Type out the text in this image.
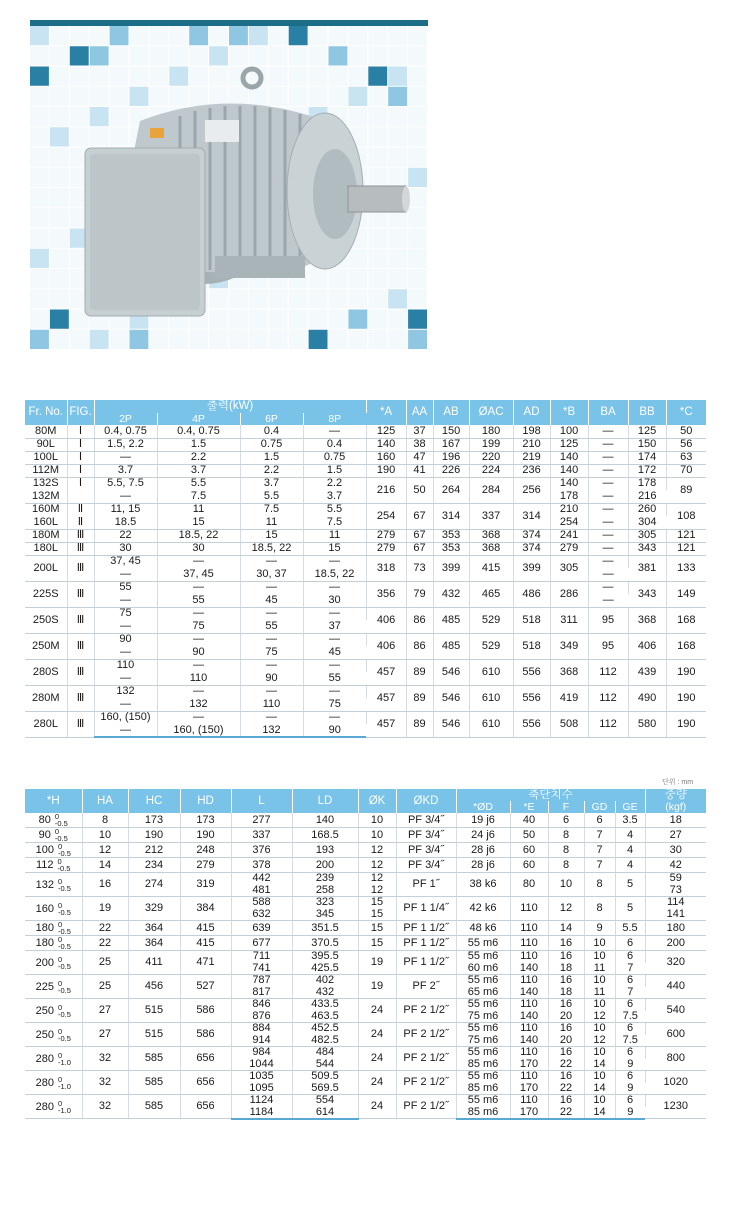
Fr. No.	FIG.	출력(kW)				*A	AA	AB	ØAC	AD	*B	BA	BB	*C
		2P	4P	6P	8P									
80M	Ⅰ	0.4, 0.75	0.4, 0.75	0.4	—	125	37	150	180	198	100	—	125	50
90L	Ⅰ	1.5, 2.2	1.5	0.75	0.4	140	38	167	199	210	125	—	150	56
100L	Ⅰ	—	2.2	1.5	0.75	160	47	196	220	219	140	—	174	63
112M	Ⅰ	3.7	3.7	2.2	1.5	190	41	226	224	236	140	—	172	70
132S	Ⅰ	5.5, 7.5	5.5	3.7	2.2	216	50	264	284	256	140	—	178	89
132M		—	7.5	5.5	3.7						178	—	216	
160M	Ⅱ	11, 15	11	7.5	5.5	254	67	314	337	314	210	—	260	108
160L	Ⅱ	18.5	15	11	7.5						254	—	304	
180M	Ⅲ	22	18.5, 22	15	11	279	67	353	368	374	241	—	305	121
180L	Ⅲ	30	30	18.5, 22	15	279	67	353	368	374	279	—	343	121
200L	Ⅲ	37, 45	—	—	—	318	73	399	415	399	305	—	381	133
		—	37, 45	30, 37	18.5, 22							—		
225S	Ⅲ	55	—	—	—	356	79	432	465	486	286	—	343	149
		—	55	45	30							—		
250S	Ⅲ	75	—	—	—	406	86	485	529	518	311	95	368	168
		—	75	55	37									
250M	Ⅲ	90	—	—	—	406	86	485	529	518	349	95	406	168
		—	90	75	45									
280S	Ⅲ	110	—	—	—	457	89	546	610	556	368	112	439	190
		—	110	90	55									
280M	Ⅲ	132	—	—	—	457	89	546	610	556	419	112	490	190
		—	132	110	75									
280L	Ⅲ	160, (150)	—	—	—	457	89	546	610	556	508	112	580	190
		—	160, (150)	132	90									
단위 : mm
*H	HA	HC	HD	L	LD	ØK	ØKD	축단치수					중량
								*ØD	*E	F	GD	GE	(kgf)
80 0
-0.5	8	173	173	277	140	10	PF 3/4˝	19 j6	40	6	6	3.5	18
90 0
-0.5	10	190	190	337	168.5	10	PF 3/4˝	24 j6	50	8	7	4	27
100 0
-0.5	12	212	248	376	193	12	PF 3/4˝	28 j6	60	8	7	4	30
112 0
-0.5	14	234	279	378	200	12	PF 3/4˝	28 j6	60	8	7	4	42
132 0
-0.5	16	274	319	442	239	12	PF 1˝	38 k6	80	10	8	5	59
				481	258	12							73
160 0
-0.5	19	329	384	588	323	15	PF 1 1/4˝	42 k6	110	12	8	5	114
				632	345	15							141
180 0
-0.5	22	364	415	639	351.5	15	PF 1 1/2˝	48 k6	110	14	9	5.5	180
180 0
-0.5	22	364	415	677	370.5	15	PF 1 1/2˝	55 m6	110	16	10	6	200
200 0
-0.5	25	411	471	711	395.5	19	PF 1 1/2˝	55 m6	110	16	10	6	320
				741	425.5			60 m6	140	18	11	7	
225 0
-0.5	25	456	527	787	402	19	PF 2˝	55 m6	110	16	10	6	440
				817	432			65 m6	140	18	11	7	
250 0
-0.5	27	515	586	846	433.5	24	PF 2 1/2˝	55 m6	110	16	10	6	540
				876	463.5			75 m6	140	20	12	7.5	
250 0
-0.5	27	515	586	884	452.5	24	PF 2 1/2˝	55 m6	110	16	10	6	600
				914	482.5			75 m6	140	20	12	7.5	
280 0
-1.0	32	585	656	984	484	24	PF 2 1/2˝	55 m6	110	16	10	6	800
				1044	544			85 m6	170	22	14	9	
280 0
-1.0	32	585	656	1035	509.5	24	PF 2 1/2˝	55 m6	110	16	10	6	1020
				1095	569.5			85 m6	170	22	14	9	
280 0
-1.0	32	585	656	1124	554	24	PF 2 1/2˝	55 m6	110	16	10	6	1230
				1184	614			85 m6	170	22	14	9	
